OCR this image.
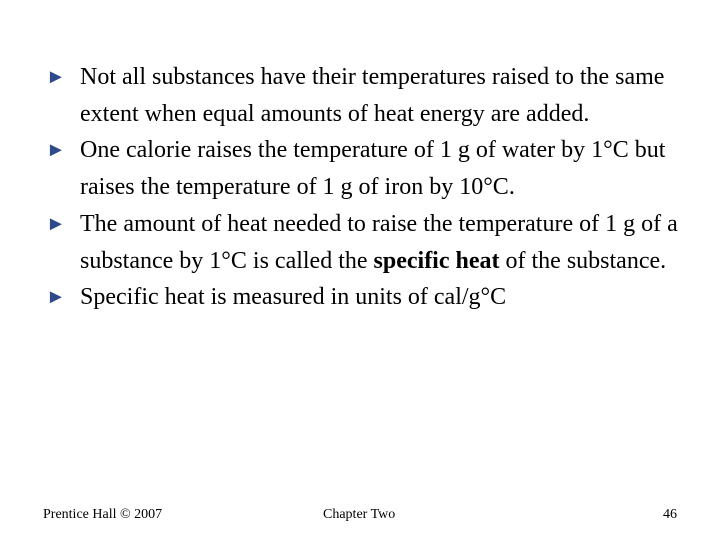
►
Not all substances have their temperatures raised to the same extent when equal amounts of heat energy are added.
►
One calorie raises the temperature of 1 g of water by 1°C but raises the temperature of 1 g of iron by 10°C.
►
The amount of heat needed to raise the temperature of 1 g of a substance by 1°C is called the specific heat of the substance.
►
Specific heat is measured in units of cal/g°C
Prentice Hall © 2007	Chapter Two	46
